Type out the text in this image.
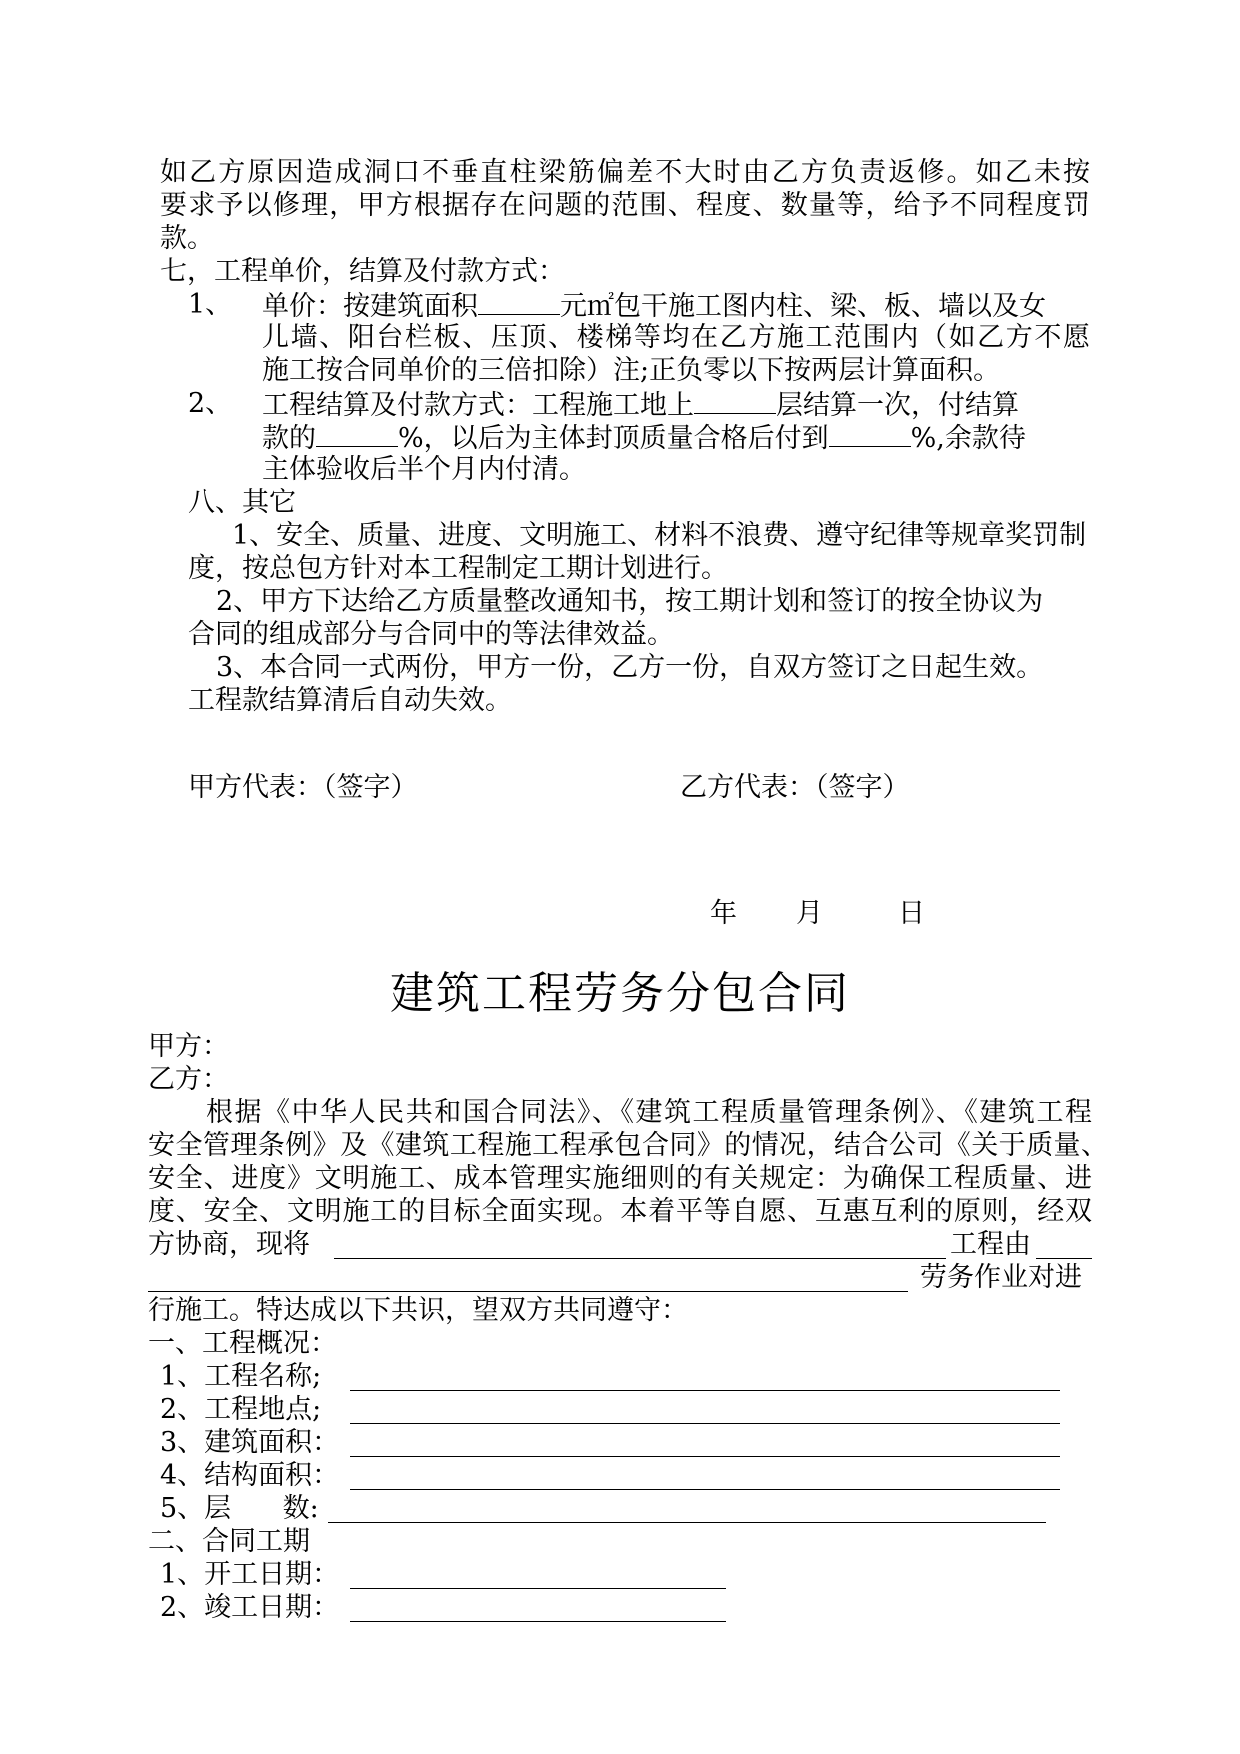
如乙方原因造成洞口不垂直柱梁筋偏差不大时由乙方负责返修。如乙未按
要求予以修理，甲方根据存在问题的范围、程度、数量等，给予不同程度罚
款。
七，工程单价，结算及付款方式：
1、 单价：按建筑面积	元㎡包干施工图内柱、梁、板、墙以及女
儿墙、阳台栏板、压顶、楼梯等均在乙方施工范围内（如乙方不愿
施工按合同单价的三倍扣除）注;正负零以下按两层计算面积。
2、 工程结算及付款方式：工程施工地上	层结算一次，付结算
款的	%，以后为主体封顶质量合格后付到	%,余款待
主体验收后半个月内付清。
八、其它
1、安全、质量、进度、文明施工、材料不浪费、遵守纪律等规章奖罚制
度，按总包方针对本工程制定工期计划进行。
2、甲方下达给乙方质量整改通知书，按工期计划和签订的按全协议为
合同的组成部分与合同中的等法律效益。
3、本合同一式两份，甲方一份，乙方一份，自双方签订之日起生效。
工程款结算清后自动失效。
甲方代表：（签字）	乙方代表：（签字）
年 月	日
建筑工程劳务分包合同
甲方：
乙方：
根据《中华人民共和国合同法》、《建筑工程质量管理条例》、《建筑工程
安全管理条例》及《建筑工程施工程承包合同》的情况，结合公司《关于质量、
安全、进度》文明施工、成本管理实施细则的有关规定：为确保工程质量、进
度、安全、文明施工的目标全面实现。本着平等自愿、互惠互利的原则，经双
方协商，现将	工程由
劳务作业对进
行施工。特达成以下共识，望双方共同遵守：
一、工程概况：
1、工程名称;
2、工程地点;
3、建筑面积：
4、结构面积：
5、层      数:
二、合同工期
1、开工日期：
2、竣工日期：
